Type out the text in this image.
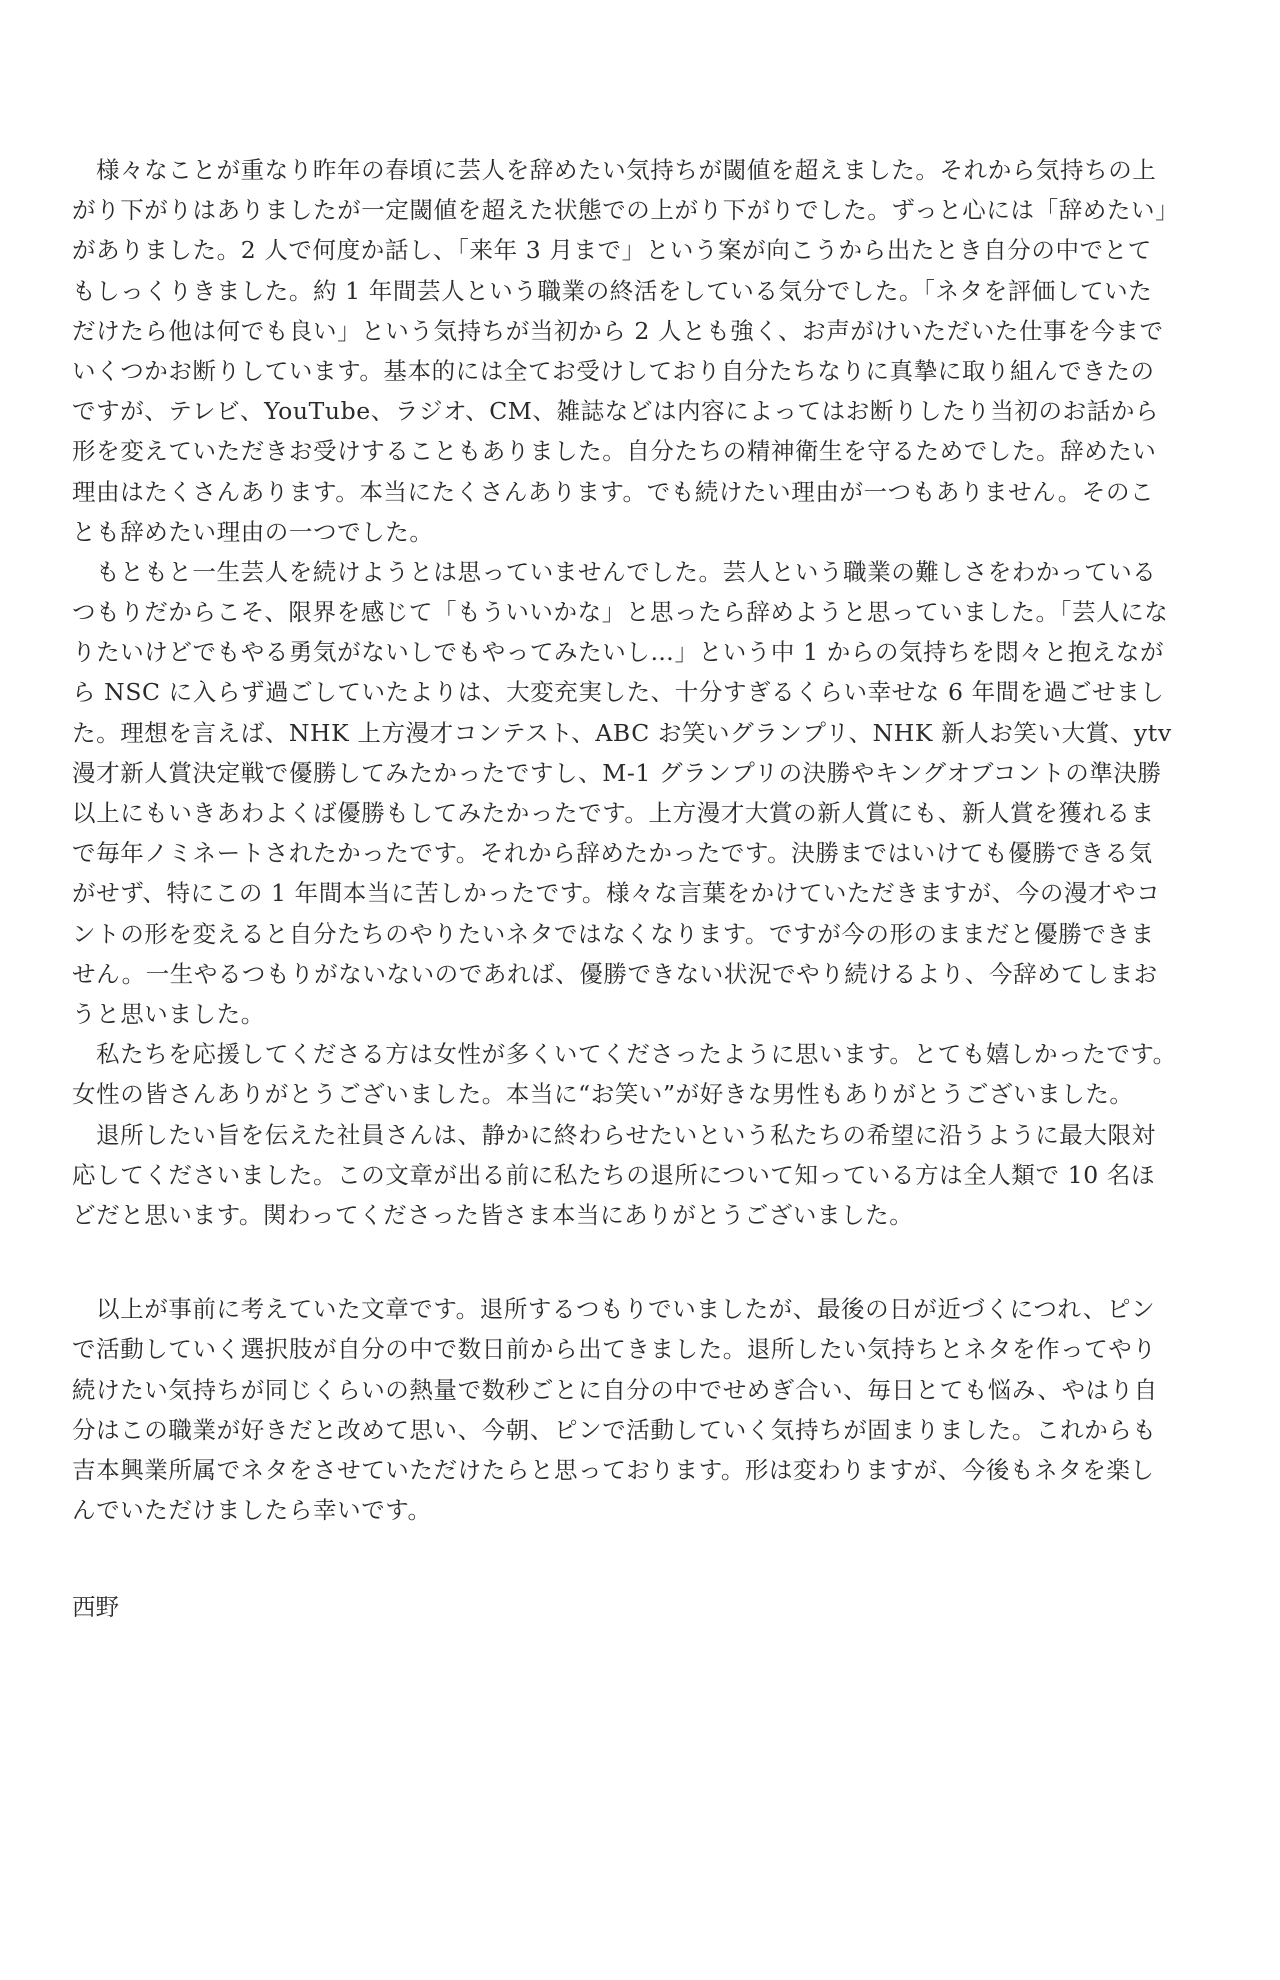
様々なことが重なり昨年の春頃に芸人を辞めたい気持ちが閾値を超えました。それから気持ちの上
がり下がりはありましたが一定閾値を超えた状態での上がり下がりでした。ずっと心には「辞めたい」
がありました。2 人で何度か話し、「来年 3 月まで」という案が向こうから出たとき自分の中でとて
もしっくりきました。約 1 年間芸人という職業の終活をしている気分でした。「ネタを評価していた
だけたら他は何でも良い」という気持ちが当初から 2 人とも強く、お声がけいただいた仕事を今まで
いくつかお断りしています。基本的には全てお受けしており自分たちなりに真摯に取り組んできたの
ですが、テレビ、YouTube、ラジオ、CM、雑誌などは内容によってはお断りしたり当初のお話から
形を変えていただきお受けすることもありました。自分たちの精神衛生を守るためでした。辞めたい
理由はたくさんあります。本当にたくさんあります。でも続けたい理由が一つもありません。そのこ
とも辞めたい理由の一つでした。
もともと一生芸人を続けようとは思っていませんでした。芸人という職業の難しさをわかっている
つもりだからこそ、限界を感じて「もういいかな」と思ったら辞めようと思っていました。「芸人にな
りたいけどでもやる勇気がないしでもやってみたいし…」という中 1 からの気持ちを悶々と抱えなが
ら NSC に入らず過ごしていたよりは、大変充実した、十分すぎるくらい幸せな 6 年間を過ごせまし
た。理想を言えば、NHK 上方漫才コンテスト、ABC お笑いグランプリ、NHK 新人お笑い大賞、ytv
漫才新人賞決定戦で優勝してみたかったですし、M-1 グランプリの決勝やキングオブコントの準決勝
以上にもいきあわよくば優勝もしてみたかったです。上方漫才大賞の新人賞にも、新人賞を獲れるま
で毎年ノミネートされたかったです。それから辞めたかったです。決勝まではいけても優勝できる気
がせず、特にこの 1 年間本当に苦しかったです。様々な言葉をかけていただきますが、今の漫才やコ
ントの形を変えると自分たちのやりたいネタではなくなります。ですが今の形のままだと優勝できま
せん。一生やるつもりがないないのであれば、優勝できない状況でやり続けるより、今辞めてしまお
うと思いました。
私たちを応援してくださる方は女性が多くいてくださったように思います。とても嬉しかったです。
女性の皆さんありがとうございました。本当に“お笑い”が好きな男性もありがとうございました。
退所したい旨を伝えた社員さんは、静かに終わらせたいという私たちの希望に沿うように最大限対
応してくださいました。この文章が出る前に私たちの退所について知っている方は全人類で 10 名ほ
どだと思います。関わってくださった皆さま本当にありがとうございました。
以上が事前に考えていた文章です。退所するつもりでいましたが、最後の日が近づくにつれ、ピン
で活動していく選択肢が自分の中で数日前から出てきました。退所したい気持ちとネタを作ってやり
続けたい気持ちが同じくらいの熱量で数秒ごとに自分の中でせめぎ合い、毎日とても悩み、やはり自
分はこの職業が好きだと改めて思い、今朝、ピンで活動していく気持ちが固まりました。これからも
吉本興業所属でネタをさせていただけたらと思っております。形は変わりますが、今後もネタを楽し
んでいただけましたら幸いです。
西野
